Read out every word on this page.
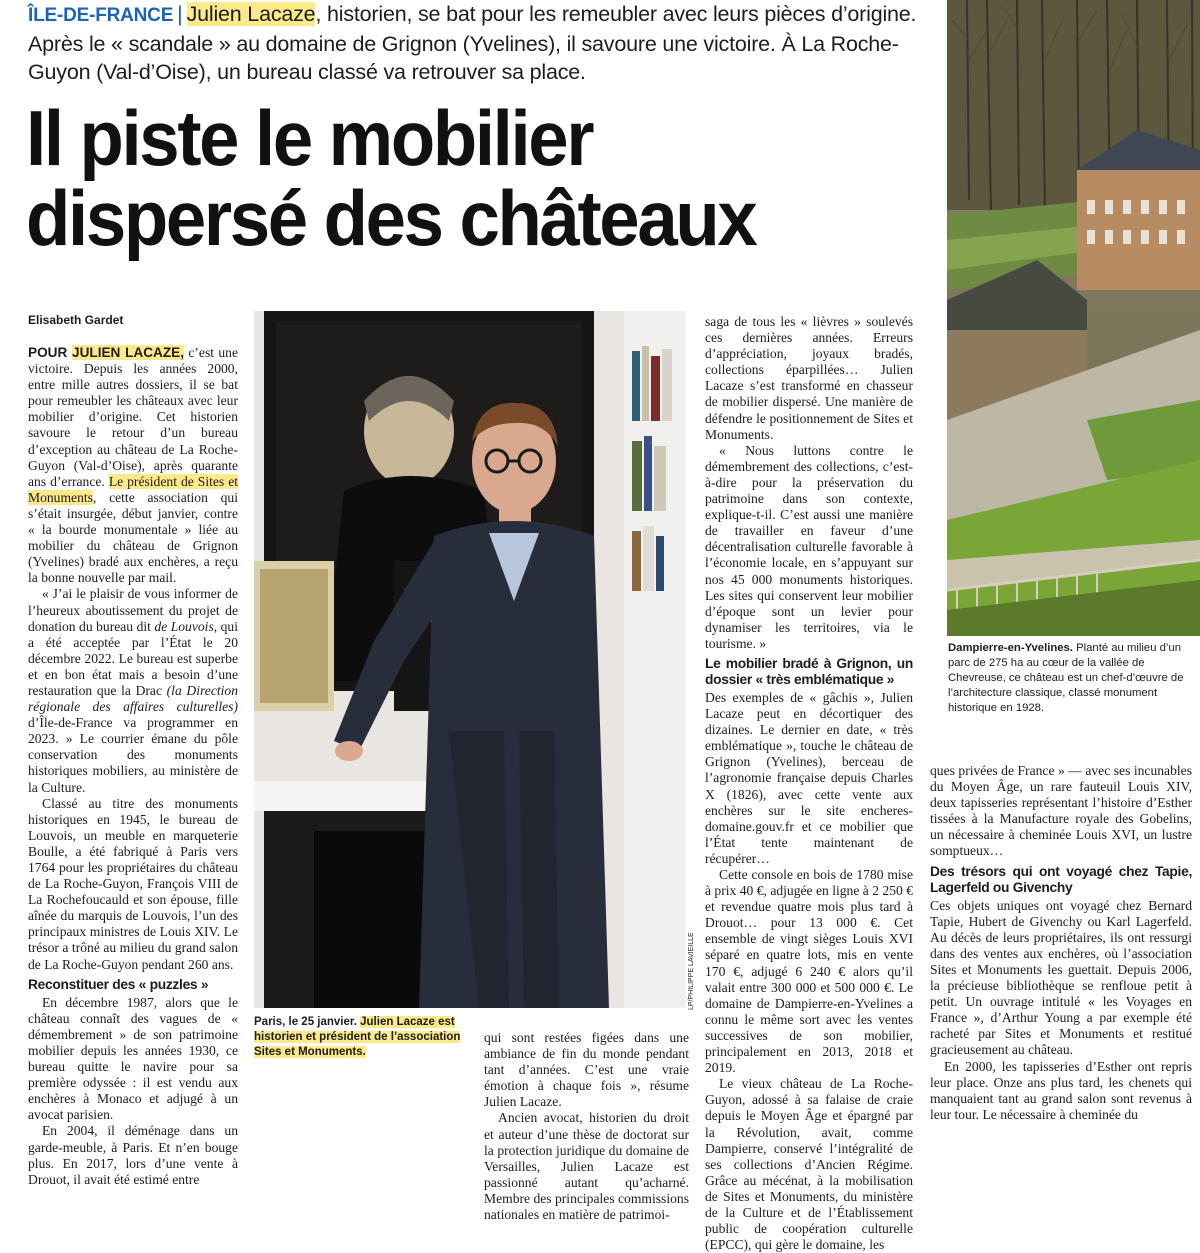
ÎLE-DE-FRANCE | Julien Lacaze, historien, se bat pour les remeubler avec leurs pièces d’origine. Après le « scandale » au domaine de Grignon (Yvelines), il savoure une victoire. À La Roche-Guyon (Val-d’Oise), un bureau classé va retrouver sa place.
Il piste le mobilier
dispersé des châteaux
Elisabeth Gardet

POUR JULIEN LACAZE, c’est une victoire. Depuis les années 2000, entre mille autres dossiers, il se bat pour remeubler les châteaux avec leur mobilier d’origine. Cet historien savoure le retour d’un bureau d’exception au château de La Roche-Guyon (Val-d’Oise), après quarante ans d’errance. Le président de Sites et Monuments, cette association qui s’était insurgée, début janvier, contre « la bourde monumentale » liée au mobilier du château de Grignon (Yvelines) bradé aux enchères, a reçu la bonne nouvelle par mail.

« J’ai le plaisir de vous informer de l’heureux aboutissement du projet de donation du bureau dit de Louvois, qui a été acceptée par l’État le 20 décembre 2022. Le bureau est superbe et en bon état mais a besoin d’une restauration que la Drac (la Direction régionale des affaires culturelles) d’Île-de-France va programmer en 2023. » Le courrier émane du pôle conservation des monuments historiques mobiliers, au ministère de la Culture.

Classé au titre des monuments historiques en 1945, le bureau de Louvois, un meuble en marqueterie Boulle, a été fabriqué à Paris vers 1764 pour les propriétaires du château de La Roche-Guyon, François VIII de La Rochefoucauld et son épouse, fille aînée du marquis de Louvois, l’un des principaux ministres de Louis XIV. Le trésor a trôné au milieu du grand salon de La Roche-Guyon pendant 260 ans.

Reconstituer des « puzzles »

En décembre 1987, alors que le château connaît des vagues de « démembrement » de son patrimoine mobilier depuis les années 1930, ce bureau quitte le navire pour sa première odyssée : il est vendu aux enchères à Monaco et adjugé à un avocat parisien.

En 2004, il déménage dans un garde-meuble, à Paris. Et n’en bouge plus. En 2017, lors d’une vente à Drouot, il avait été estimé entre

LP/PHILIPPE LAVIEILLE
Paris, le 25 janvier. Julien Lacaze est historien et président de l’association Sites et Monuments.

qui sont restées figées dans une ambiance de fin du monde pendant tant d’années. C’est une vraie émotion à chaque fois », résume Julien Lacaze.

Ancien avocat, historien du droit et auteur d’une thèse de doctorat sur la protection juridique du domaine de Versailles, Julien Lacaze est passionné autant qu’acharné. Membre des principales commissions nationales en matière de patrimoi-

saga de tous les « lièvres » soulevés ces dernières années. Erreurs d’appréciation, joyaux bradés, collections éparpillées… Julien Lacaze s’est transformé en chasseur de mobilier dispersé. Une manière de défendre le positionnement de Sites et Monuments.

« Nous luttons contre le démembrement des collections, c’est-à-dire pour la préservation du patrimoine dans son contexte, explique-t-il. C’est aussi une manière de travailler en faveur d’une décentralisation culturelle favorable à l’économie locale, en s’appuyant sur nos 45 000 monuments historiques. Les sites qui conservent leur mobilier d’époque sont un levier pour dynamiser les territoires, via le tourisme. »

Le mobilier bradé à Grignon, un dossier « très emblématique »

Des exemples de « gâchis », Julien Lacaze peut en décortiquer des dizaines. Le dernier en date, « très emblématique », touche le château de Grignon (Yvelines), berceau de l’agronomie française depuis Charles X (1826), avec cette vente aux enchères sur le site encheres-domaine.gouv.fr et ce mobilier que l’État tente maintenant de récupérer…

Cette console en bois de 1780 mise à prix 40 €, adjugée en ligne à 2 250 € et revendue quatre mois plus tard à Drouot… pour 13 000 €. Cet ensemble de vingt sièges Louis XVI séparé en quatre lots, mis en vente 170 €, adjugé 6 240 € alors qu’il valait entre 300 000 et 500 000 €. Le domaine de Dampierre-en-Yvelines a connu le même sort avec les ventes successives de son mobilier, principalement en 2013, 2018 et 2019.

Le vieux château de La Roche-Guyon, adossé à sa falaise de craie depuis le Moyen Âge et épargné par la Révolution, avait, comme Dampierre, conservé l’intégralité de ses collections d’Ancien Régime. Grâce au mécénat, à la mobilisation de Sites et Monuments, du ministère de la Culture et de l’Établissement public de coopération culturelle (EPCC), qui gère le domaine, les

Dampierre-en-Yvelines. Planté au milieu d’un parc de 275 ha au cœur de la vallée de Chevreuse, ce château est un chef-d’œuvre de l’architecture classique, classé monument historique en 1928.

ques privées de France » — avec ses incunables du Moyen Âge, un rare fauteuil Louis XIV, deux tapisseries représentant l’histoire d’Esther tissées à la Manufacture royale des Gobelins, un nécessaire à cheminée Louis XVI, un lustre somptueux…

Des trésors qui ont voyagé chez Tapie, Lagerfeld ou Givenchy

Ces objets uniques ont voyagé chez Bernard Tapie, Hubert de Givenchy ou Karl Lagerfeld. Au décès de leurs propriétaires, ils ont ressurgi dans des ventes aux enchères, où l’association Sites et Monuments les guettait. Depuis 2006, la précieuse bibliothèque se renfloue petit à petit. Un ouvrage intitulé « les Voyages en France », d’Arthur Young a par exemple été racheté par Sites et Monuments et restitué gracieusement au château.

En 2000, les tapisseries d’Esther ont repris leur place. Onze ans plus tard, les chenets qui manquaient tant au grand salon sont revenus à leur tour. Le nécessaire à cheminée du
